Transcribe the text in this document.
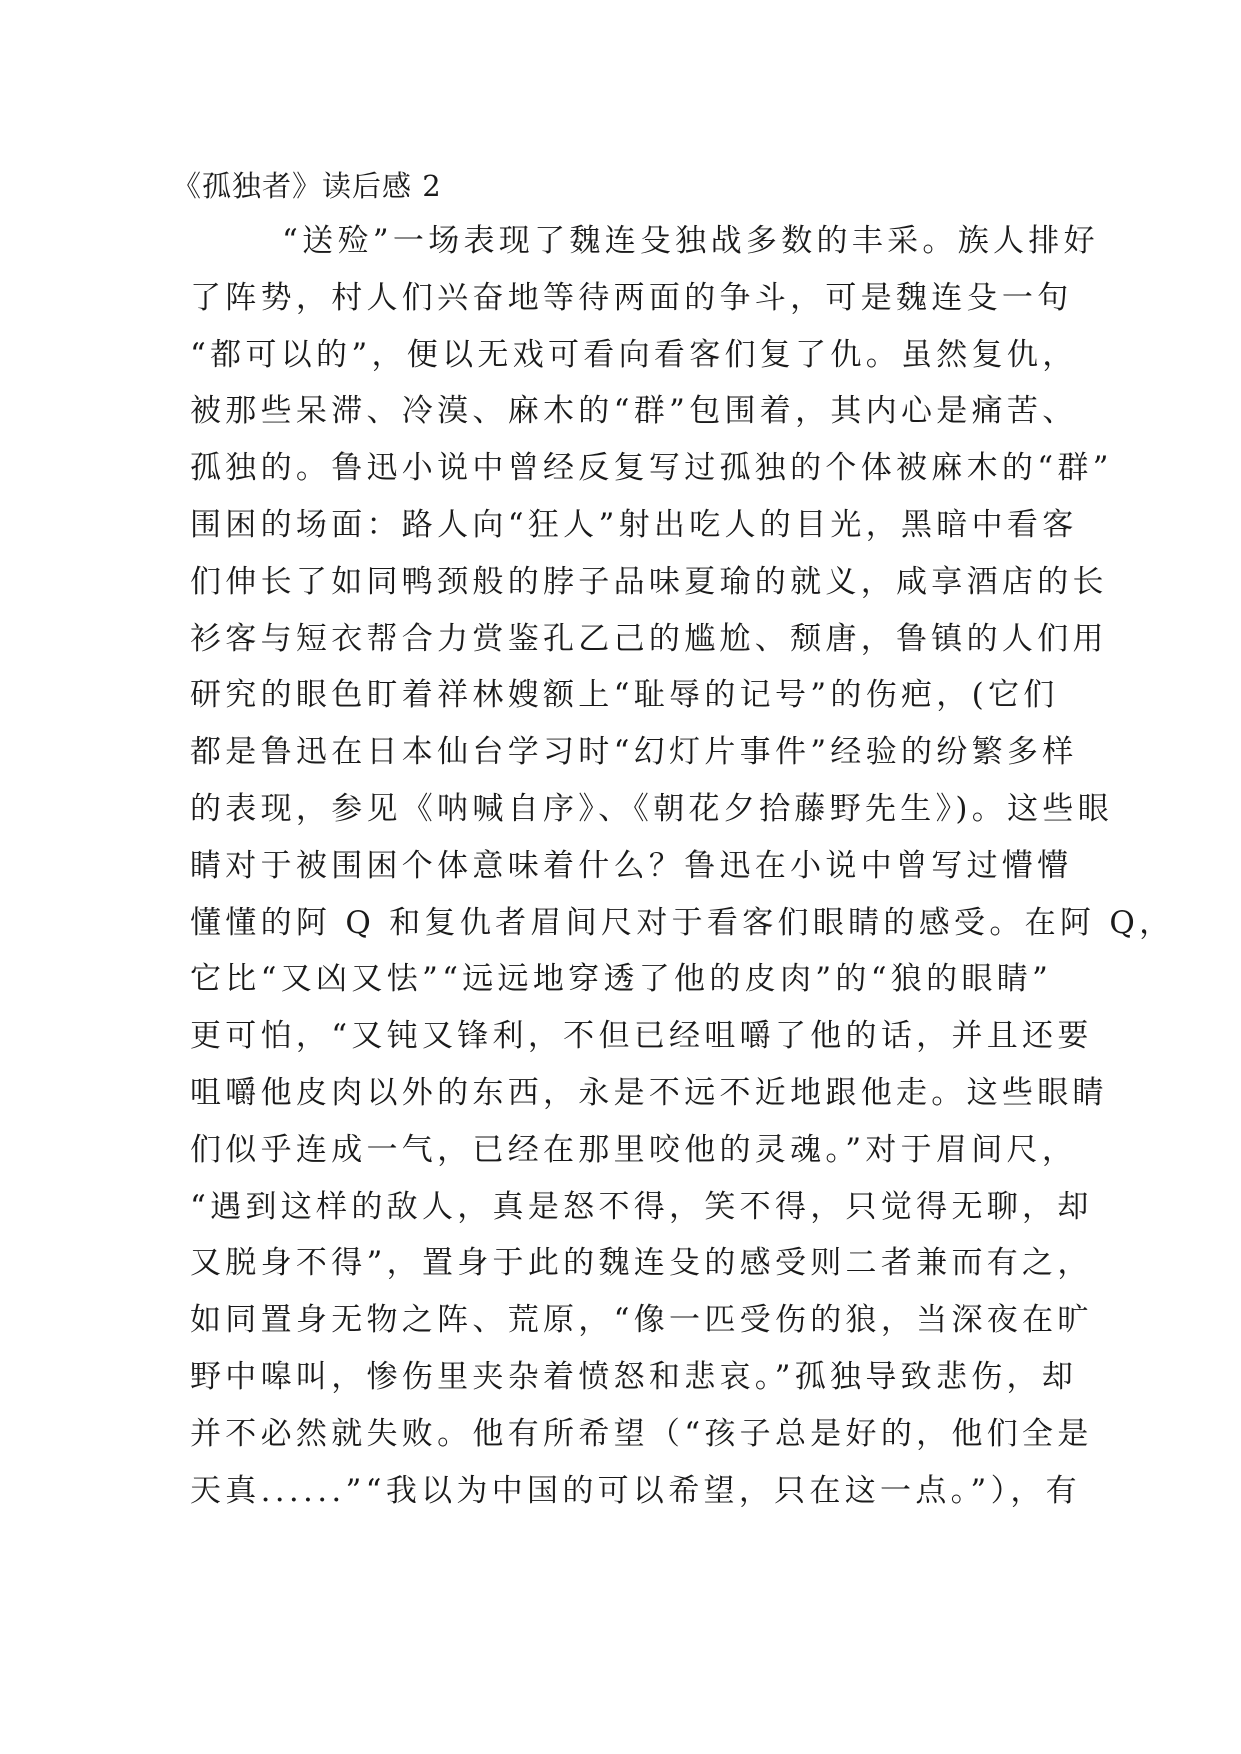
《孤独者》读后感 2
“送殓”一场表现了魏连殳独战多数的丰采。族人排好
了阵势，村人们兴奋地等待两面的争斗，可是魏连殳一句
“都可以的”，便以无戏可看向看客们复了仇。虽然复仇，
被那些呆滞、冷漠、麻木的“群”包围着，其内心是痛苦、
孤独的。鲁迅小说中曾经反复写过孤独的个体被麻木的“群”
围困的场面：路人向“狂人”射出吃人的目光，黑暗中看客
们伸长了如同鸭颈般的脖子品味夏瑜的就义，咸享酒店的长
衫客与短衣帮合力赏鉴孔乙己的尴尬、颓唐，鲁镇的人们用
研究的眼色盯着祥林嫂额上“耻辱的记号”的伤疤，(它们
都是鲁迅在日本仙台学习时“幻灯片事件”经验的纷繁多样
的表现，参见《呐喊自序》、《朝花夕拾藤野先生》)。这些眼
睛对于被围困个体意味着什么？鲁迅在小说中曾写过懵懵
懂懂的阿 Q 和复仇者眉间尺对于看客们眼睛的感受。在阿 Q，
它比“又凶又怯”“远远地穿透了他的皮肉”的“狼的眼睛”
更可怕，“又钝又锋利，不但已经咀嚼了他的话，并且还要
咀嚼他皮肉以外的东西，永是不远不近地跟他走。这些眼睛
们似乎连成一气，已经在那里咬他的灵魂。”对于眉间尺，
“遇到这样的敌人，真是怒不得，笑不得，只觉得无聊，却
又脱身不得”，置身于此的魏连殳的感受则二者兼而有之，
如同置身无物之阵、荒原，“像一匹受伤的狼，当深夜在旷
野中嗥叫，惨伤里夹杂着愤怒和悲哀。”孤独导致悲伤，却
并不必然就失败。他有所希望（“孩子总是好的，他们全是
天真......”“我以为中国的可以希望，只在这一点。”），有
